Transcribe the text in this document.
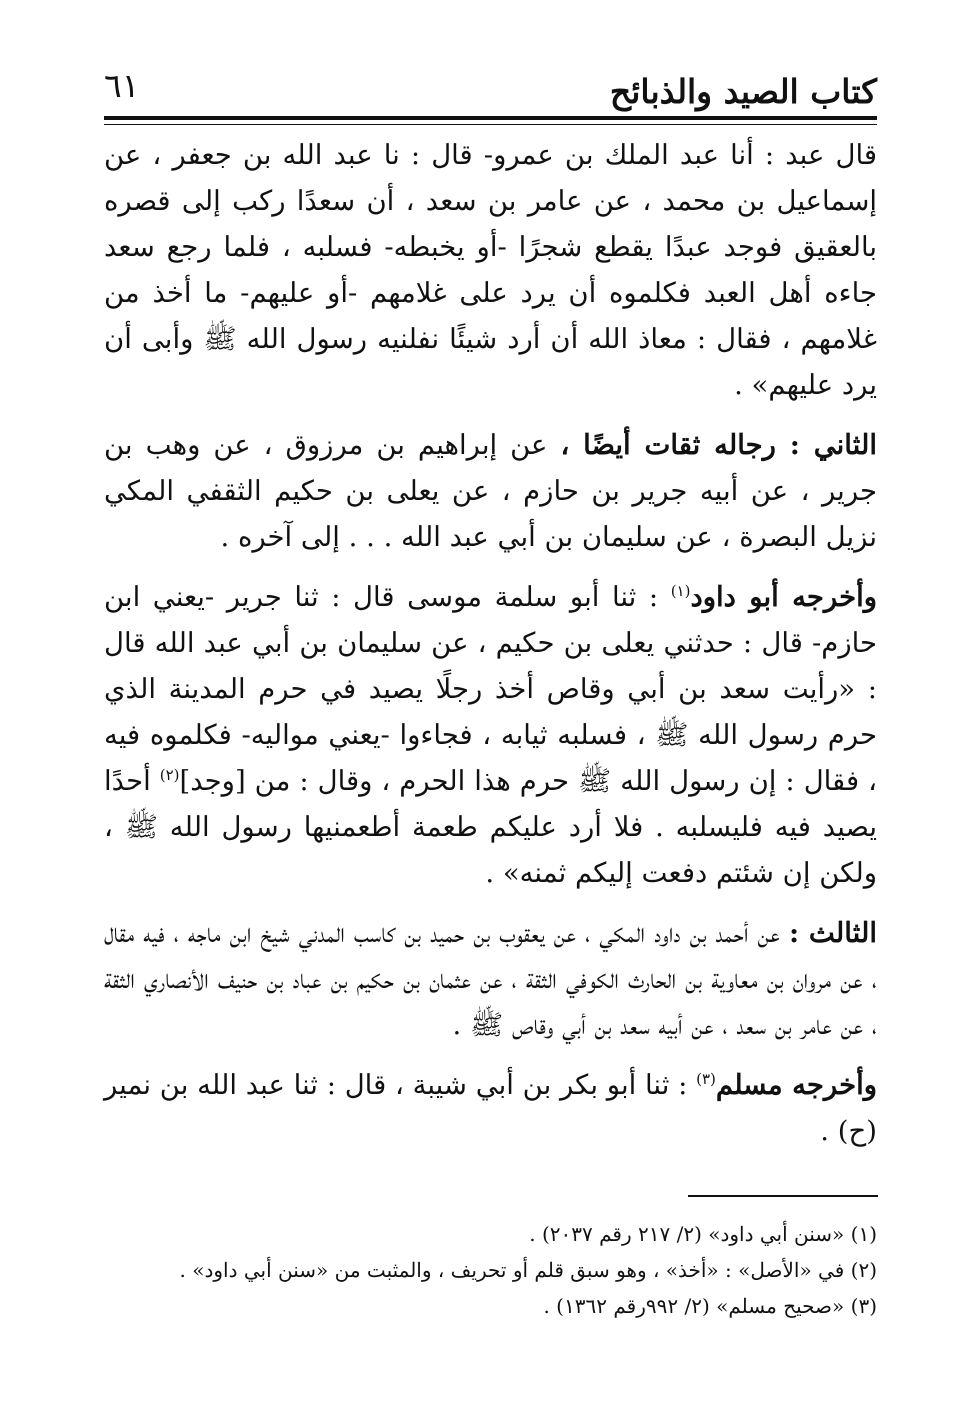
كتاب الصيد والذبائح
٦١

قال عبد : أنا عبد الملك بن عمرو- قال : نا عبد الله بن جعفر ، عن إسماعيل بن محمد ، عن عامر بن سعد ، أن سعدًا ركب إلى قصره بالعقيق فوجد عبدًا يقطع شجرًا -أو يخبطه- فسلبه ، فلما رجع سعد جاءه أهل العبد فكلموه أن يرد على غلامهم -أو عليهم- ما أخذ من غلامهم ، فقال : معاذ الله أن أرد شيئًا نفلنيه رسول الله ﷺ وأبى أن يرد عليهم» .

الثاني : رجاله ثقات أيضًا ، عن إبراهيم بن مرزوق ، عن وهب بن جرير ، عن أبيه جرير بن حازم ، عن يعلى بن حكيم الثقفي المكي نزيل البصرة ، عن سليمان بن أبي عبد الله . . . إلى آخره .

وأخرجه أبو داود$^{(١)}$ : ثنا أبو سلمة موسى قال : ثنا جرير -يعني ابن حازم- قال : حدثني يعلى بن حكيم ، عن سليمان بن أبي عبد الله قال : «رأيت سعد بن أبي وقاص أخذ رجلًا يصيد في حرم المدينة الذي حرم رسول الله ﷺ ، فسلبه ثيابه ، فجاءوا -يعني مواليه- فكلموه فيه ، فقال : إن رسول الله ﷺ حرم هذا الحرم ، وقال : من [وجد]$^{(٢)}$ أحدًا يصيد فيه فليسلبه . فلا أرد عليكم طعمة أطعمنيها رسول الله ﷺ ، ولكن إن شئتم دفعت إليكم ثمنه» .

الثالث : عن أحمد بن داود المكي ، عن يعقوب بن حميد بن كاسب المدني شيخ ابن ماجه ، فيه مقال ، عن مروان بن معاوية بن الحارث الكوفي الثقة ، عن عثمان بن حكيم بن عباد بن حنيف الأنصاري الثقة ، عن عامر بن سعد ، عن أبيه سعد بن أبي وقاص ﷺ .

وأخرجه مسلم$^{(٣)}$ : ثنا أبو بكر بن أبي شيبة ، قال : ثنا عبد الله بن نمير (ح) .

(١) «سنن أبي داود» (٢/ ٢١٧ رقم ٢٠٣٧) .

(٢) في «الأصل» : «أخذ» ، وهو سبق قلم أو تحريف ، والمثبت من «سنن أبي داود» .

(٣) «صحيح مسلم» (٢/ ٩٩٢رقم ١٣٦٢) .
